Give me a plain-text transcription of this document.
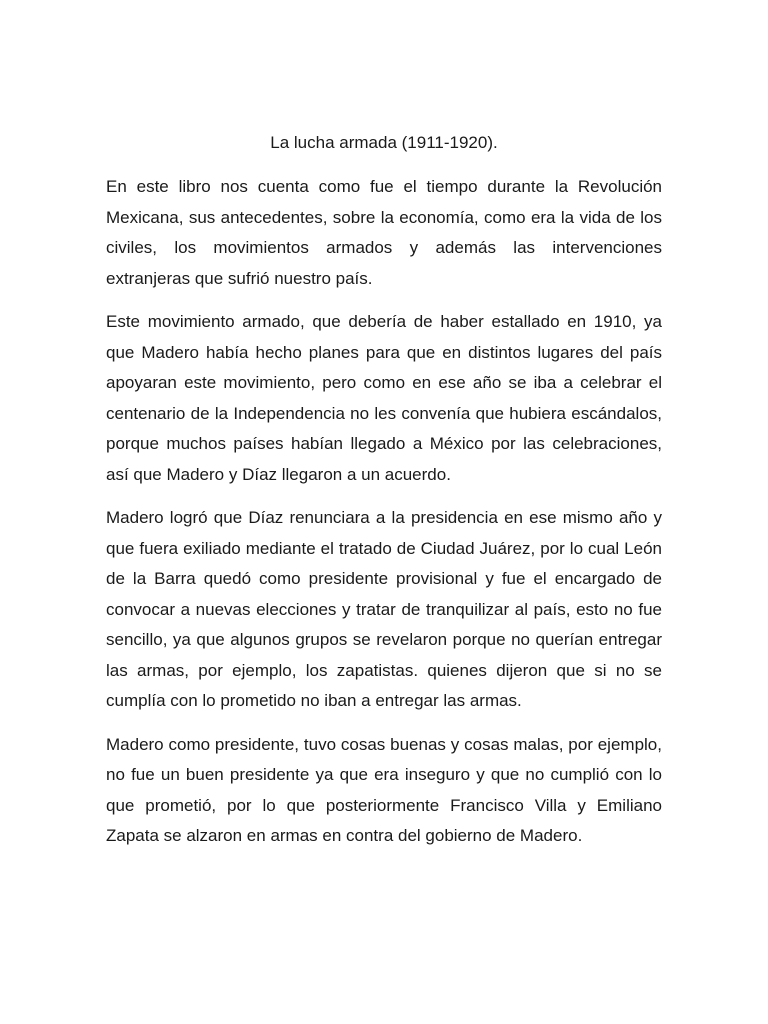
La lucha armada (1911-1920).

En este libro nos cuenta como fue el tiempo durante la Revolución Mexicana, sus antecedentes, sobre la economía, como era la vida de los civiles, los movimientos armados y además las intervenciones extranjeras que sufrió nuestro país.

Este movimiento armado, que debería de haber estallado en 1910, ya que Madero había hecho planes para que en distintos lugares del país apoyaran este movimiento, pero como en ese año se iba a celebrar el centenario de la Independencia no les convenía que hubiera escándalos, porque muchos países habían llegado a México por las celebraciones, así que Madero y Díaz llegaron a un acuerdo.

Madero logró que Díaz renunciara a la presidencia en ese mismo año y que fuera exiliado mediante el tratado de Ciudad Juárez, por lo cual León de la Barra quedó como presidente provisional y fue el encargado de convocar a nuevas elecciones y tratar de tranquilizar al país, esto no fue sencillo, ya que algunos grupos se revelaron porque no querían entregar las armas, por ejemplo, los zapatistas. quienes dijeron que si no se cumplía con lo prometido no iban a entregar las armas.

Madero como presidente, tuvo cosas buenas y cosas malas, por ejemplo, no fue un buen presidente ya que era inseguro y que no cumplió con lo que prometió, por lo que posteriormente Francisco Villa y Emiliano Zapata se alzaron en armas en contra del gobierno de Madero.
